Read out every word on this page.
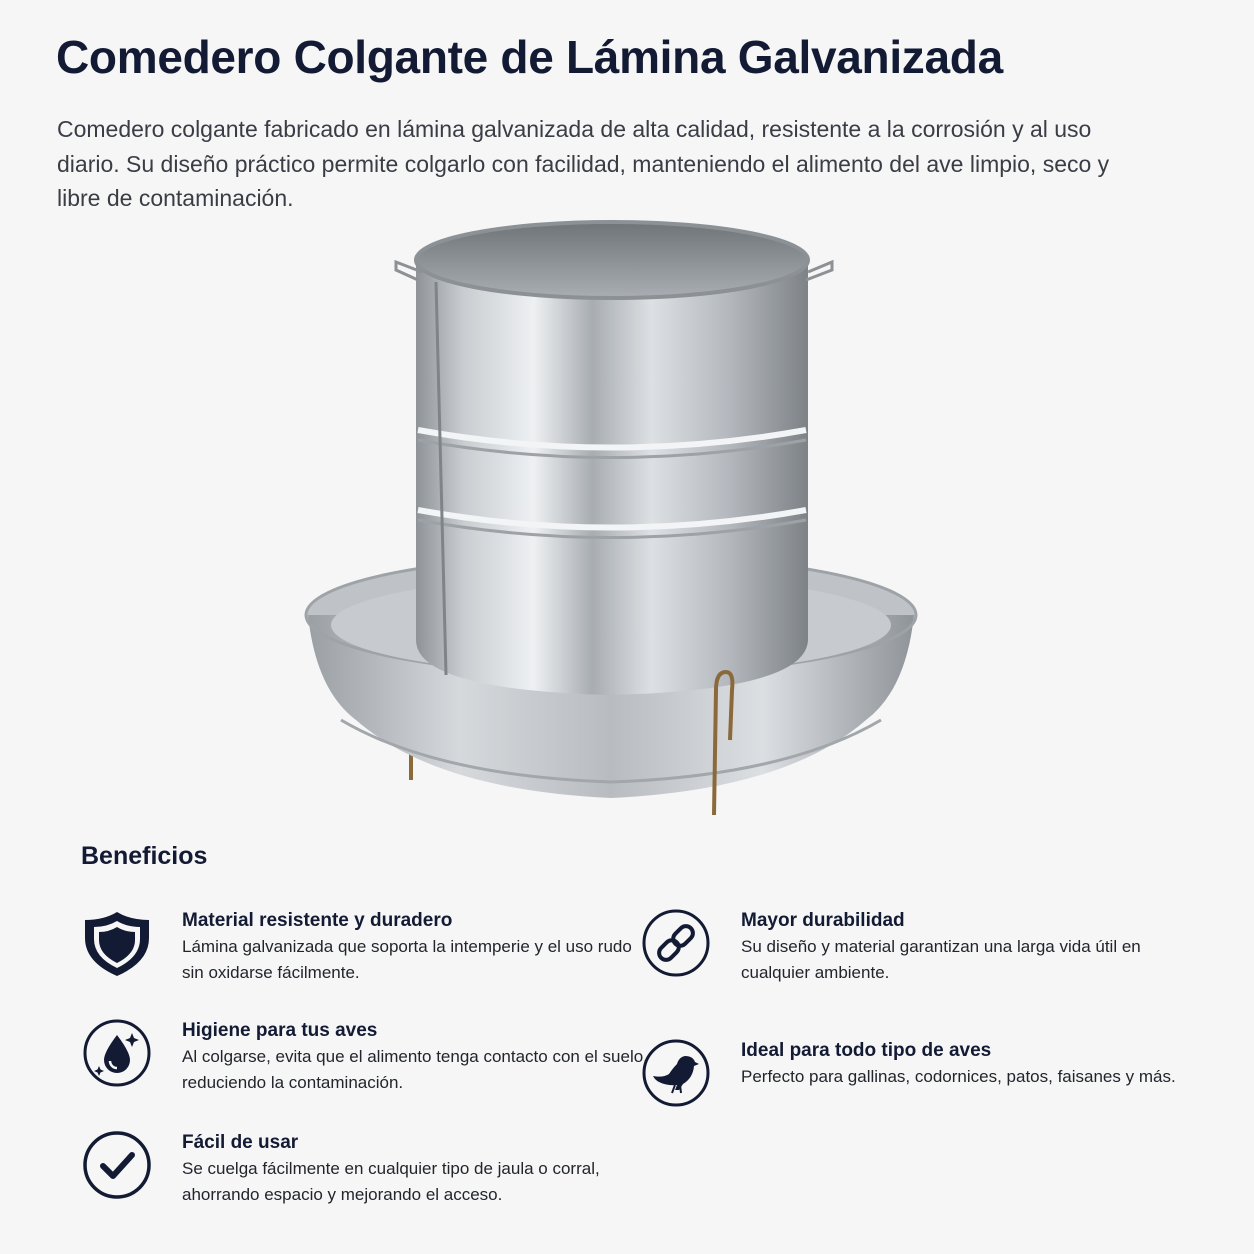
Comedero Colgante de Lámina Galvanizada

Comedero colgante fabricado en lámina galvanizada de alta calidad, resistente a la corrosión y al uso diario. Su diseño práctico permite colgarlo con facilidad, manteniendo el alimento del ave limpio, seco y libre de contaminación.

Beneficios

Material resistente y duradero

Lámina galvanizada que soporta la intemperie y el uso rudo sin oxidarse fácilmente.

Higiene para tus aves

Al colgarse, evita que el alimento tenga contacto con el suelo, reduciendo la contaminación.

Fácil de usar

Se cuelga fácilmente en cualquier tipo de jaula o corral, ahorrando espacio y mejorando el acceso.

Mayor durabilidad

Su diseño y material garantizan una larga vida útil en cualquier ambiente.

Ideal para todo tipo de aves

Perfecto para gallinas, codornices, patos, faisanes y más.
